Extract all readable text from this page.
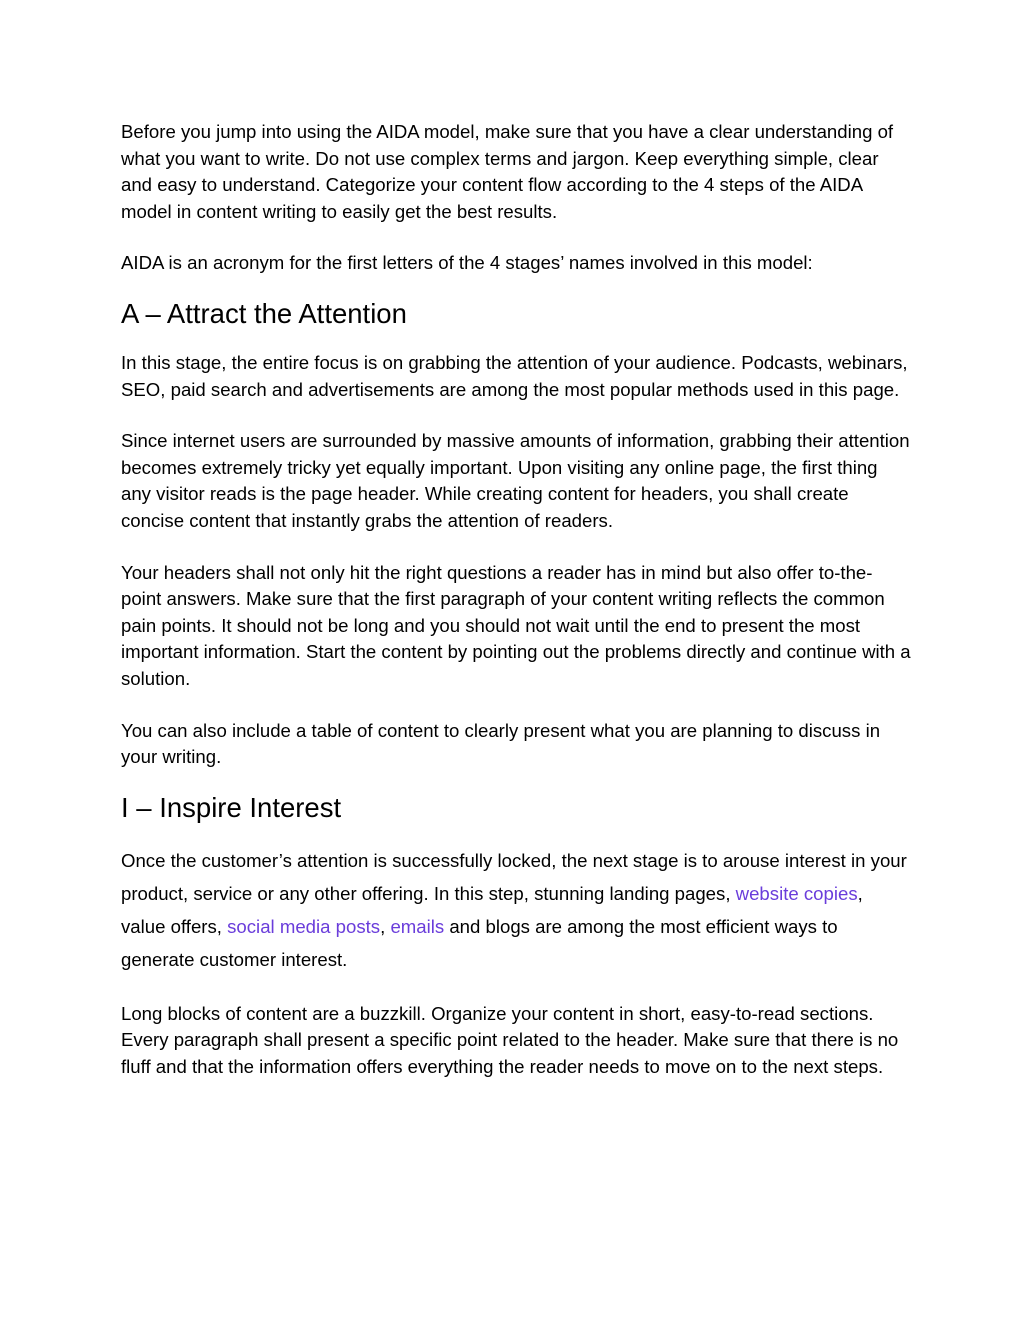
Before you jump into using the AIDA model, make sure that you have a clear understanding of what you want to write. Do not use complex terms and jargon. Keep everything simple, clear and easy to understand. Categorize your content flow according to the 4 steps of the AIDA model in content writing to easily get the best results.

AIDA is an acronym for the first letters of the 4 stages’ names involved in this model:

A – Attract the Attention

In this stage, the entire focus is on grabbing the attention of your audience. Podcasts, webinars, SEO, paid search and advertisements are among the most popular methods used in this page.

Since internet users are surrounded by massive amounts of information, grabbing their attention becomes extremely tricky yet equally important. Upon visiting any online page, the first thing any visitor reads is the page header. While creating content for headers, you shall create concise content that instantly grabs the attention of readers.

Your headers shall not only hit the right questions a reader has in mind but also offer to-the-point answers. Make sure that the first paragraph of your content writing reflects the common pain points. It should not be long and you should not wait until the end to present the most important information. Start the content by pointing out the problems directly and continue with a solution.

You can also include a table of content to clearly present what you are planning to discuss in your writing.

I – Inspire Interest

Once the customer’s attention is successfully locked, the next stage is to arouse interest in your product, service or any other offering. In this step, stunning landing pages, website copies, value offers, social media posts, emails and blogs are among the most efficient ways to generate customer interest.

Long blocks of content are a buzzkill. Organize your content in short, easy-to-read sections. Every paragraph shall present a specific point related to the header. Make sure that there is no fluff and that the information offers everything the reader needs to move on to the next steps.
